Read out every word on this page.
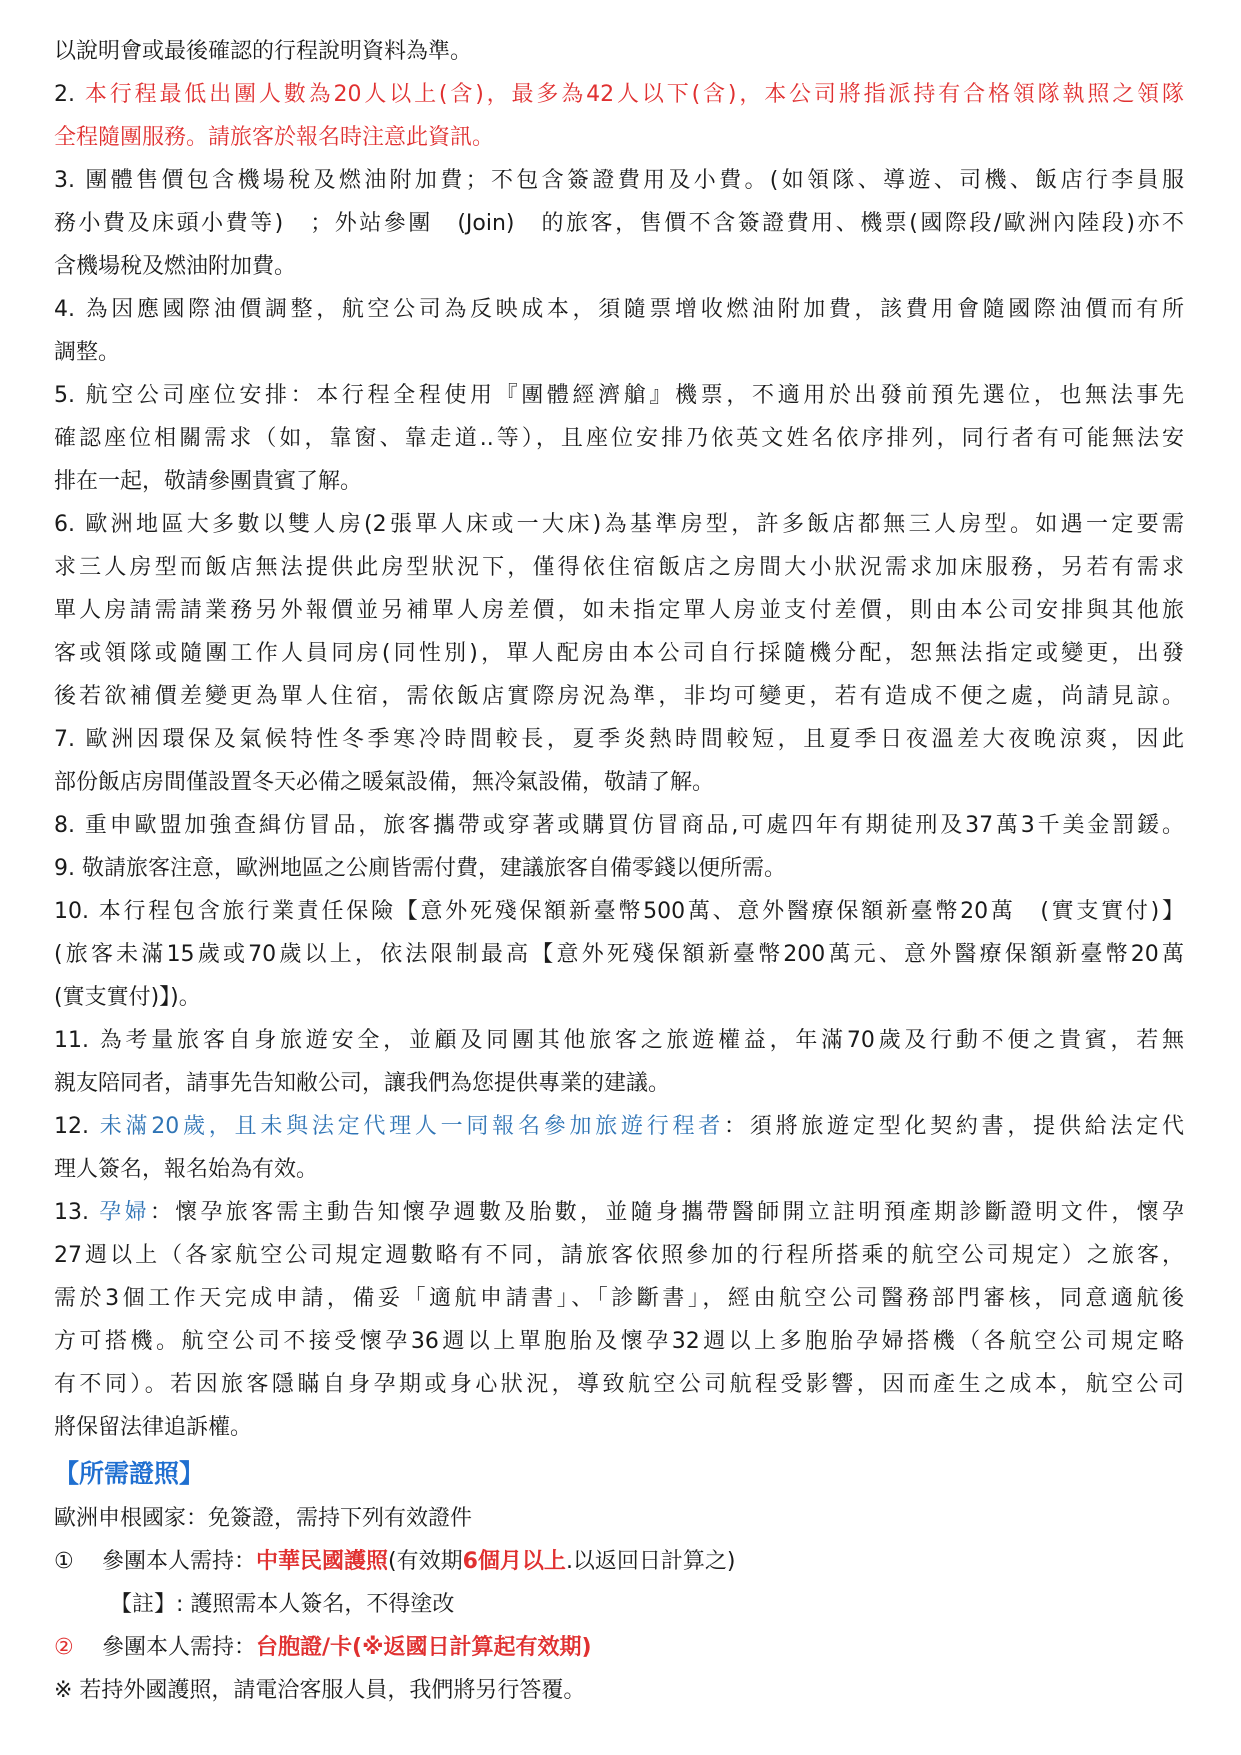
以說明會或最後確認的行程說明資料為準。
2. 本行程最低出團人數為20人以上(含)，最多為42人以下(含)，本公司將指派持有合格領隊執照之領隊
全程隨團服務。請旅客於報名時注意此資訊。
3. 團體售價包含機場稅及燃油附加費；不包含簽證費用及小費。(如領隊、導遊、司機、飯店行李員服
務小費及床頭小費等)　；外站參團　(Join)　的旅客，售價不含簽證費用、機票(國際段/歐洲內陸段)亦不
含機場稅及燃油附加費。
4. 為因應國際油價調整，航空公司為反映成本，須隨票增收燃油附加費，該費用會隨國際油價而有所
調整。
5. 航空公司座位安排：本行程全程使用『團體經濟艙』機票，不適用於出發前預先選位，也無法事先
確認座位相關需求（如，靠窗、靠走道..等），且座位安排乃依英文姓名依序排列，同行者有可能無法安
排在一起，敬請參團貴賓了解。
6. 歐洲地區大多數以雙人房(2張單人床或一大床)為基準房型，許多飯店都無三人房型。如遇一定要需
求三人房型而飯店無法提供此房型狀況下，僅得依住宿飯店之房間大小狀況需求加床服務，另若有需求
單人房請需請業務另外報價並另補單人房差價，如未指定單人房並支付差價，則由本公司安排與其他旅
客或領隊或隨團工作人員同房(同性別)，單人配房由本公司自行採隨機分配，恕無法指定或變更，出發
後若欲補價差變更為單人住宿，需依飯店實際房況為準，非均可變更，若有造成不便之處，尚請見諒。
7. 歐洲因環保及氣候特性冬季寒冷時間較長，夏季炎熱時間較短，且夏季日夜溫差大夜晚涼爽，因此
部份飯店房間僅設置冬天必備之暖氣設備，無冷氣設備，敬請了解。
8. 重申歐盟加強查緝仿冒品，旅客攜帶或穿著或購買仿冒商品,可處四年有期徒刑及37萬3千美金罰鍰。
9. 敬請旅客注意，歐洲地區之公廁皆需付費，建議旅客自備零錢以便所需。
10. 本行程包含旅行業責任保險【意外死殘保額新臺幣500萬、意外醫療保額新臺幣20萬　(實支實付)】
(旅客未滿15歲或70歲以上，依法限制最高【意外死殘保額新臺幣200萬元、意外醫療保額新臺幣20萬
(實支實付)】)。
11. 為考量旅客自身旅遊安全，並顧及同團其他旅客之旅遊權益，年滿70歲及行動不便之貴賓，若無
親友陪同者，請事先告知敝公司，讓我們為您提供專業的建議。
12. 未滿20歲，且未與法定代理人一同報名參加旅遊行程者：須將旅遊定型化契約書，提供給法定代
理人簽名，報名始為有效。
13. 孕婦：懷孕旅客需主動告知懷孕週數及胎數，並隨身攜帶醫師開立註明預產期診斷證明文件，懷孕
27週以上（各家航空公司規定週數略有不同，請旅客依照參加的行程所搭乘的航空公司規定）之旅客，
需於3個工作天完成申請，備妥「適航申請書」、「診斷書」，經由航空公司醫務部門審核，同意適航後
方可搭機。航空公司不接受懷孕36週以上單胞胎及懷孕32週以上多胞胎孕婦搭機（各航空公司規定略
有不同）。若因旅客隱瞞自身孕期或身心狀況，導致航空公司航程受影響，因而產生之成本，航空公司
將保留法律追訴權。
【所需證照】
歐洲申根國家：免簽證，需持下列有效證件
① 參團本人需持：中華民國護照(有效期6個月以上.以返回日計算之)
【註】: 護照需本人簽名，不得塗改
② 參團本人需持：台胞證/卡(※返國日計算起有效期)
※ 若持外國護照，請電洽客服人員，我們將另行答覆。
